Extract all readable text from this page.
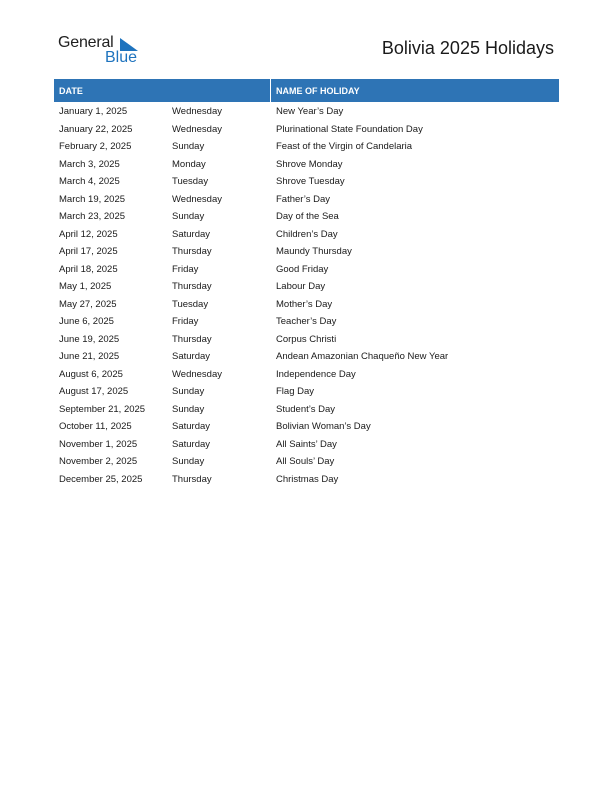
General
Blue	Bolivia 2025 Holidays
DATE	NAME OF HOLIDAY
January 1, 2025	Wednesday	New Year’s Day
January 22, 2025	Wednesday	Plurinational State Foundation Day
February 2, 2025	Sunday	Feast of the Virgin of Candelaria
March 3, 2025	Monday	Shrove Monday
March 4, 2025	Tuesday	Shrove Tuesday
March 19, 2025	Wednesday	Father’s Day
March 23, 2025	Sunday	Day of the Sea
April 12, 2025	Saturday	Children’s Day
April 17, 2025	Thursday	Maundy Thursday
April 18, 2025	Friday	Good Friday
May 1, 2025	Thursday	Labour Day
May 27, 2025	Tuesday	Mother’s Day
June 6, 2025	Friday	Teacher’s Day
June 19, 2025	Thursday	Corpus Christi
June 21, 2025	Saturday	Andean Amazonian Chaqueño New Year
August 6, 2025	Wednesday	Independence Day
August 17, 2025	Sunday	Flag Day
September 21, 2025	Sunday	Student’s Day
October 11, 2025	Saturday	Bolivian Woman’s Day
November 1, 2025	Saturday	All Saints’ Day
November 2, 2025	Sunday	All Souls’ Day
December 25, 2025	Thursday	Christmas Day
